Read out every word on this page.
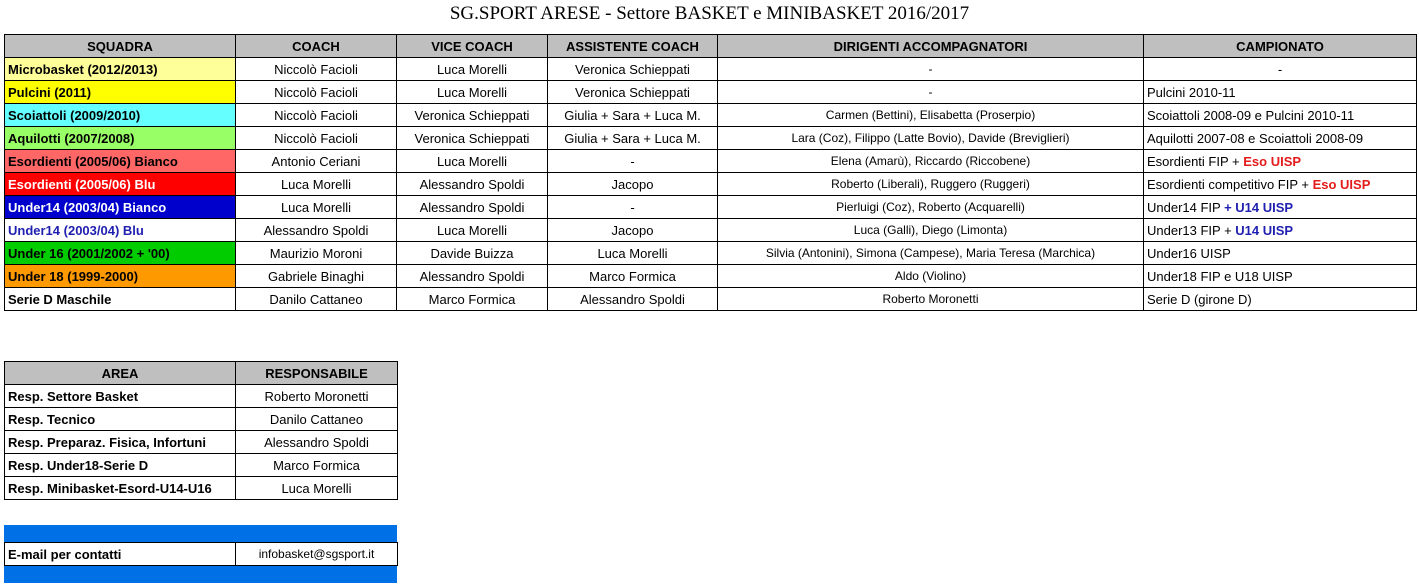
SG.SPORT ARESE - Settore BASKET e MINIBASKET 2016/2017
SQUADRA	COACH	VICE COACH	ASSISTENTE COACH	DIRIGENTI ACCOMPAGNATORI	CAMPIONATO
Microbasket (2012/2013)	Niccolò Facioli	Luca Morelli	Veronica Schieppati	-	-
Pulcini (2011)	Niccolò Facioli	Luca Morelli	Veronica Schieppati	-	Pulcini 2010-11
Scoiattoli (2009/2010)	Niccolò Facioli	Veronica Schieppati	Giulia + Sara + Luca M.	Carmen (Bettini), Elisabetta (Proserpio)	Scoiattoli 2008-09 e Pulcini 2010-11
Aquilotti (2007/2008)	Niccolò Facioli	Veronica Schieppati	Giulia + Sara + Luca M.	Lara (Coz), Filippo (Latte Bovio), Davide (Breviglieri)	Aquilotti 2007-08 e Scoiattoli 2008-09
Esordienti (2005/06) Bianco	Antonio Ceriani	Luca Morelli	-	Elena (Amarù), Riccardo (Riccobene)	Esordienti FIP + Eso UISP
Esordienti (2005/06) Blu	Luca Morelli	Alessandro Spoldi	Jacopo	Roberto (Liberali), Ruggero (Ruggeri)	Esordienti competitivo FIP + Eso UISP
Under14 (2003/04) Bianco	Luca Morelli	Alessandro Spoldi	-	Pierluigi (Coz), Roberto (Acquarelli)	Under14 FIP + U14 UISP
Under14 (2003/04) Blu	Alessandro Spoldi	Luca Morelli	Jacopo	Luca (Galli), Diego (Limonta)	Under13 FIP + U14 UISP
Under 16 (2001/2002 + '00)	Maurizio Moroni	Davide Buizza	Luca Morelli	Silvia (Antonini), Simona (Campese), Maria Teresa (Marchica)	Under16 UISP
Under 18 (1999-2000)	Gabriele Binaghi	Alessandro Spoldi	Marco Formica	Aldo (Violino)	Under18 FIP e U18 UISP
Serie D Maschile	Danilo Cattaneo	Marco Formica	Alessandro Spoldi	Roberto Moronetti	Serie D (girone D)
AREA	RESPONSABILE
Resp. Settore Basket	Roberto Moronetti
Resp. Tecnico	Danilo Cattaneo
Resp. Preparaz. Fisica, Infortuni	Alessandro Spoldi
Resp. Under18-Serie D	Marco Formica
Resp. Minibasket-Esord-U14-U16	Luca Morelli
E-mail per contatti	infobasket@sgsport.it
